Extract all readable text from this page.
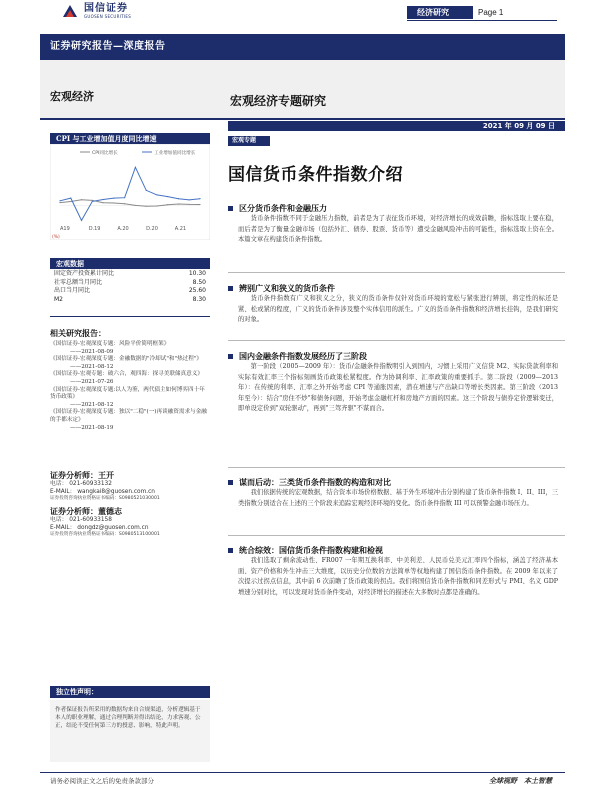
国信证券
GUOSEN SECURITIES	经济研究	Page 1
证券研究报告—深度报告
宏观经济	宏观经济专题研究
2021 年 09 月 09 日
CPI 与工业增加值月度同比增速
CPI同比增长	工业增加值同比增长
A19	D.19	A.20	D.20	A.21
(%)
宏观数据
固定资产投资累计同比	10.30
社零总额当月同比	8.50
出口当月同比	25.60
M2	8.30
相关研究报告：
《国信证券-宏观深度专题：风险平价简明框架》
——2021-08-09
《国信证券-宏观深度专题：金融数据的"冷却试"和"热过程"》
——2021-08-12
《国信证券-宏观专题：破六合，观四海：探寻美联储真意义》
——2021-07-26
《国信证券-宏观深度专题:以人为鉴，两代债主如何博弈四十年货币政策》
——2021-08-12
《国信证券-宏观深度专题：独以"二稳"(一)再谈融资需求与金融的手都未定》
——2021-08-19
证券分析师：王开
电话： 021-60933132
E-MAIL： wangkai8@guosen.com.cn
证券投资咨询执业资格证书编码：S0980521030001
证券分析师：董德志
电话： 021-60933158
E-MAIL： dongdz@guosen.com.cn
证券投资咨询执业资格证书编码：S0980513100001
独立性声明：
作者保证报告所采用的数据均来自合规渠道，分析逻辑基于本人的职业理解，通过合理判断并得出结论，力求客观、公正，结论不受任何第三方的授意、影响，特此声明。
宏观专题
国信货币条件指数介绍
区分货币条件和金融压力
货币条件指数不同于金融压力指数，前者是为了表征货币环境，对经济增长的成效前瞻，指标选取上要在稳，而后者是为了衡量金融市场（包括外汇、债券、股票、货币等）遭受金融风险冲击的可能性，指标选取上资在全。本篇文章在构建货币条件指数。
辨别广义和狭义的货币条件
货币条件指数有广义和狭义之分，狭义的货币条件仅针对货币环境的宽松与紧张进行辨别，将定性的标还是紧、松或紧的程度，广义的货币条件涉及整个实体信用的派生。广义的货币条件指数和经济增长挂钩，是我们研究的对象。
国内金融条件指数发展经历了三阶段
第一阶段（2005—2009 年）：货币/金融条件指数明引入到国内，习惯上采用广义信贷 M2、实际贷款利率和实际有效汇率三个指标刻画货币政策松紧程度。作为协调利率、汇率政策的重要抓手。第二阶段（2009—2013 年）：在传统的利率、汇率之外开始考虑 CPI 等通胀因素，潜在增速与产出缺口等增长类因素。第三阶段（2013 年至今）：结合"房住不炒"和债务问题，开始考虑金融杠杆和房地产方面的因素。这三个阶段与债券定价逻辑变迁，即单设定价到"双轮驱动"，再到"三驾齐驱"不谋而合。
谋而后动：三类货币条件指数的构造和对比
我们依据传统的宏观数据，结合资本市场价格数据、基于外生环境冲击分别构建了货币条件指数 I、II、III，三类指数分别适合在上述的三个阶段来追踪宏观经济环境的变化。货币条件指数 III 可以预警金融市场压力。
统合综效：国信货币条件指数构建和检视
我们选取了剩余流动性、FR007 一年期互换利率、中美利差、人民币兑美元汇率四个指标，涵盖了经济基本面、资产价格和外生冲击三大维度，以历史分位数的方法简单等权地构建了国信货币条件指数。在 2009 年以来了次提示过拐点信息，其中前 6 次前瞻了货币政策的拐点。我们将国信货币条件指数和同差形式与 PMI、名义 GDP 增速分别对比，可以发现对货币条件变动，对经济增长的描述在大多数时点都是准确的。
请务必阅读正文之后的免责条款部分	全球视野　本土智慧
